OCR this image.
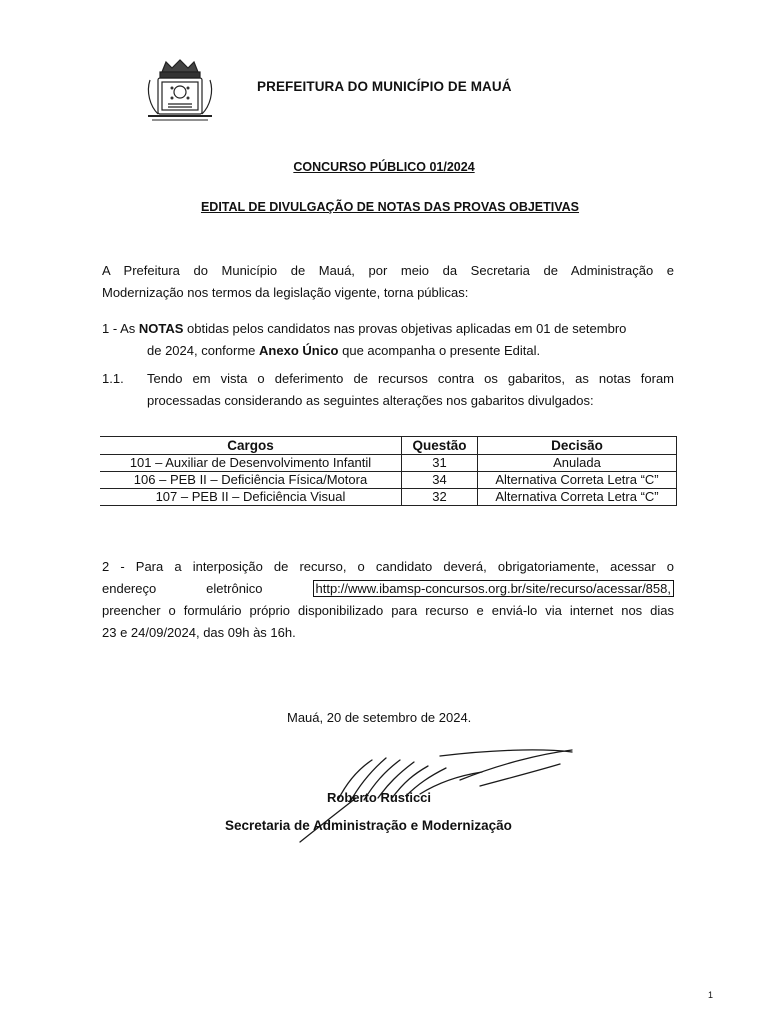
PREFEITURA DO MUNICÍPIO DE MAUÁ
CONCURSO PÚBLICO 01/2024
EDITAL DE DIVULGAÇÃO DE NOTAS DAS PROVAS OBJETIVAS
A Prefeitura do Município de Mauá, por meio da Secretaria de Administração e
Modernização nos termos da legislação vigente, torna públicas:
1 - As NOTAS obtidas pelos candidatos nas provas objetivas aplicadas em 01 de setembro
de 2024, conforme Anexo Único que acompanha o presente Edital.
1.1. Tendo em vista o deferimento de recursos contra os gabaritos, as notas foram
processadas considerando as seguintes alterações nos gabaritos divulgados:
Cargos	Questão	Decisão
101 – Auxiliar de Desenvolvimento Infantil	31	Anulada
106 – PEB II – Deficiência Física/Motora	34	Alternativa Correta Letra “C”
107 – PEB II – Deficiência Visual	32	Alternativa Correta Letra “C”
2 - Para a interposição de recurso, o candidato deverá, obrigatoriamente, acessar o
endereço	eletrônico	http://www.ibamsp-concursos.org.br/site/recurso/acessar/858,
preencher o formulário próprio disponibilizado para recurso e enviá-lo via internet nos dias
23 e 24/09/2024, das 09h às 16h.
Mauá, 20 de setembro de 2024.
Roberto Rusticci
Secretaria de Administração e Modernização
1
